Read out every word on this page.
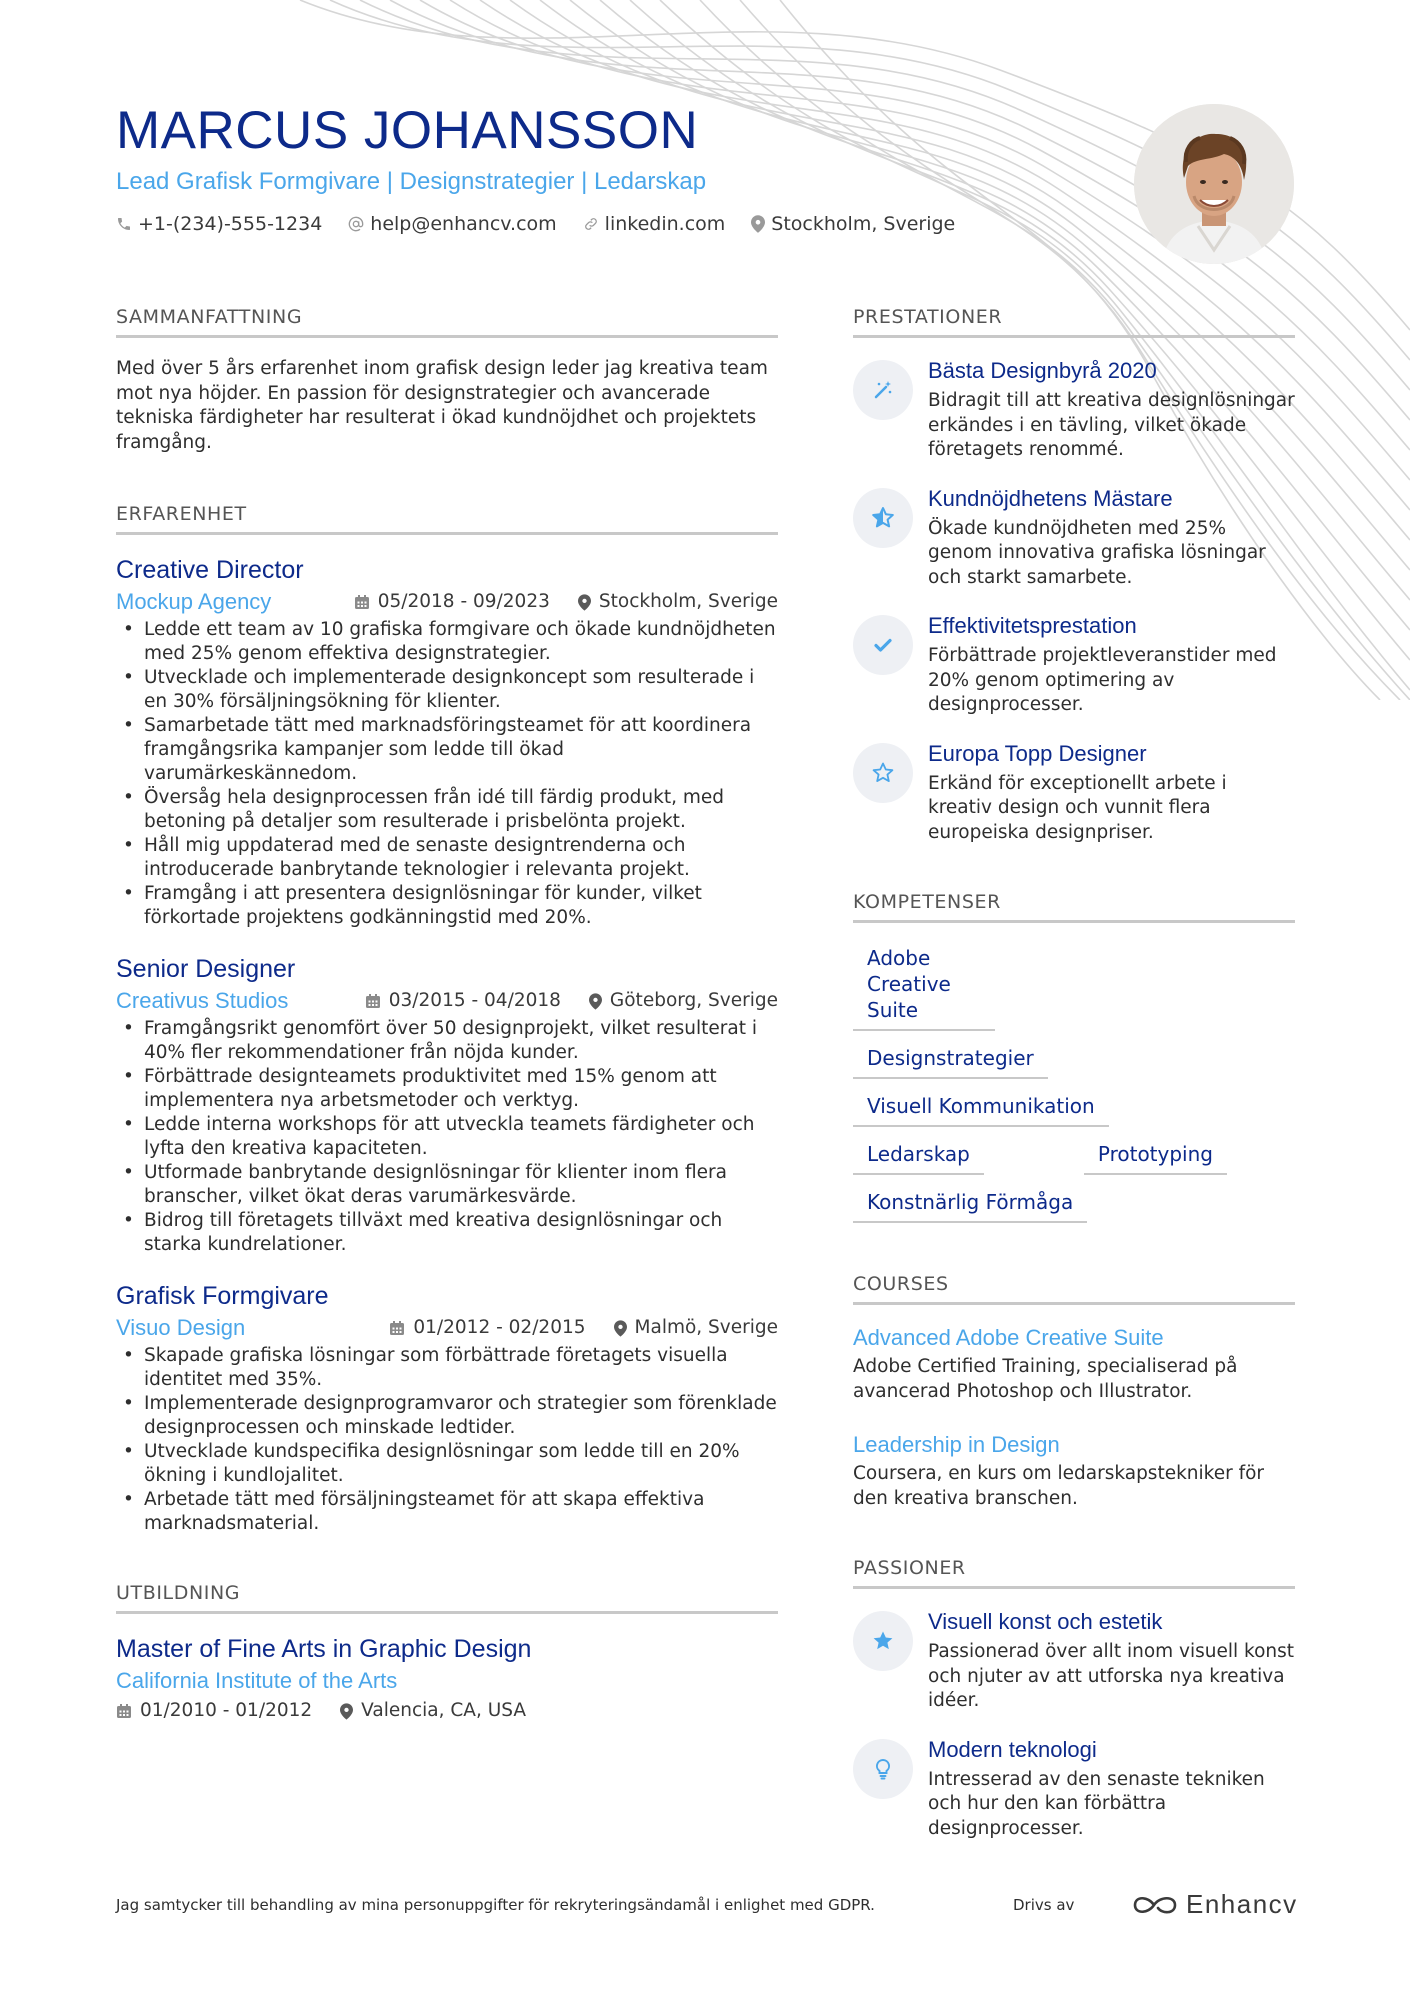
MARCUS JOHANSSON
Lead Grafisk Formgivare | Designstrategier | Ledarskap
+1-(234)-555-1234	help@enhancv.com	linkedin.com Stockholm, Sverige
SAMMANFATTNING

Med över 5 års erfarenhet inom grafisk design leder jag kreativa team mot nya höjder. En passion för designstrategier och avancerade tekniska färdigheter har resulterat i ökad kundnöjdhet och projektets framgång.

ERFARENHET
Creative Director
Mockup Agency	05/2018 - 09/2023	Stockholm, Sverige
• Ledde ett team av 10 grafiska formgivare och ökade kundnöjdheten med 25% genom effektiva designstrategier.
• Utvecklade och implementerade designkoncept som resulterade i en 30% försäljningsökning för klienter.
• Samarbetade tätt med marknadsföringsteamet för att koordinera framgångsrika kampanjer som ledde till ökad varumärkeskännedom.
• Översåg hela designprocessen från idé till färdig produkt, med betoning på detaljer som resulterade i prisbelönta projekt.
• Håll mig uppdaterad med de senaste designtrenderna och introducerade banbrytande teknologier i relevanta projekt.
• Framgång i att presentera designlösningar för kunder, vilket förkortade projektens godkänningstid med 20%.
Senior Designer
Creativus Studios	03/2015 - 04/2018	Göteborg, Sverige
• Framgångsrikt genomfört över 50 designprojekt, vilket resulterat i 40% fler rekommendationer från nöjda kunder.
• Förbättrade designteamets produktivitet med 15% genom att implementera nya arbetsmetoder och verktyg.
• Ledde interna workshops för att utveckla teamets färdigheter och lyfta den kreativa kapaciteten.
• Utformade banbrytande designlösningar för klienter inom flera branscher, vilket ökat deras varumärkesvärde.
• Bidrog till företagets tillväxt med kreativa designlösningar och starka kundrelationer.
Grafisk Formgivare
Visuo Design	01/2012 - 02/2015	Malmö, Sverige
• Skapade grafiska lösningar som förbättrade företagets visuella identitet med 35%.
• Implementerade designprogramvaror och strategier som förenklade designprocessen och minskade ledtider.
• Utvecklade kundspecifika designlösningar som ledde till en 20% ökning i kundlojalitet.
• Arbetade tätt med försäljningsteamet för att skapa effektiva marknadsmaterial.
UTBILDNING
Master of Fine Arts in Graphic Design
California Institute of the Arts
01/2010 - 01/2012	Valencia, CA, USA
PRESTATIONER
Bästa Designbyrå 2020
Bidragit till att kreativa designlösningar erkändes i en tävling, vilket ökade företagets renommé.
Kundnöjdhetens Mästare
Ökade kundnöjdheten med 25% genom innovativa grafiska lösningar och starkt samarbete.
Effektivitetsprestation
Förbättrade projektleveranstider med 20% genom optimering av designprocesser.
Europa Topp Designer
Erkänd för exceptionellt arbete i kreativ design och vunnit flera europeiska designpriser.
KOMPETENSER
Adobe Creative Suite
Designstrategier
Visuell Kommunikation
Ledarskap	Prototyping
Konstnärlig Förmåga
COURSES
Advanced Adobe Creative Suite
Adobe Certified Training, specialiserad på avancerad Photoshop och Illustrator.
Leadership in Design
Coursera, en kurs om ledarskapstekniker för den kreativa branschen.
PASSIONER
Visuell konst och estetik
Passionerad över allt inom visuell konst och njuter av att utforska nya kreativa idéer.
Modern teknologi
Intresserad av den senaste tekniken och hur den kan förbättra designprocesser.
Jag samtycker till behandling av mina personuppgifter för rekryteringsändamål i enlighet med GDPR.	Drivs av	Enhancv
